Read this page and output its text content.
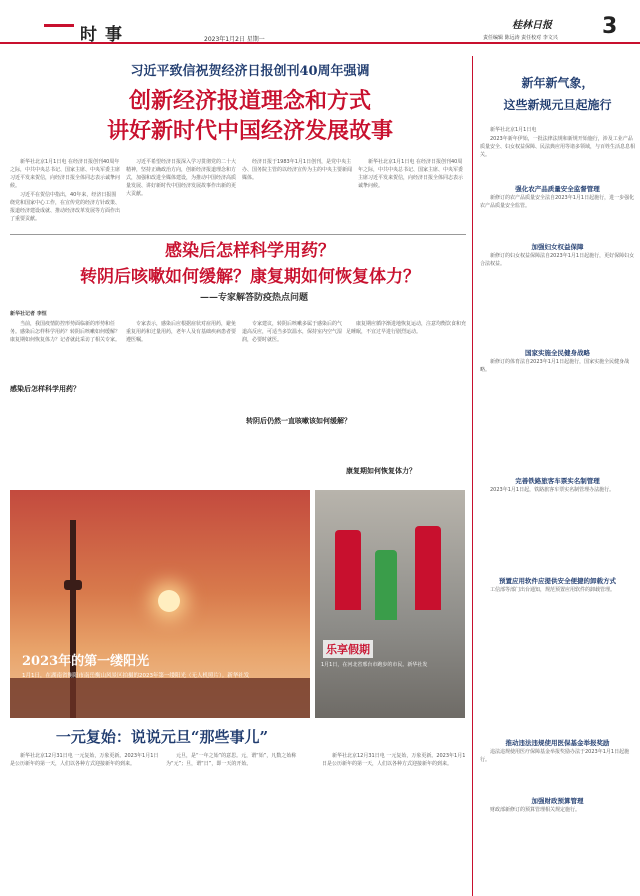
时事	2023年1月2日 星期一
桂林日报 3
责任编辑 陈远涛 责任校对 李文兴
习近平致信祝贺经济日报创刊40周年强调
创新经济报道理念和方式
讲好新时代中国经济发展故事
新华社北京1月1日电 在经济日报创刊40周年之际，中共中央总书记、国家主席、中央军委主席习近平发来贺信，向经济日报全体同志表示诚挚问候。
习近平在贺信中指出，40年来，经济日报围绕党和国家中心工作，在宣传党的经济方针政策、报道经济建设成就、推动经济改革发展等方面作出了重要贡献。
习近平希望经济日报深入学习贯彻党的二十大精神，坚持正确政治方向，创新经济报道理念和方式，加强和改进全媒体建设，为推动中国经济高质量发展、讲好新时代中国经济发展故事作出新的更大贡献。
经济日报于1983年1月1日创刊，是党中央主办、国务院主管的以经济宣传为主的中央主要新闻媒体。
新华社北京1月1日电 在经济日报创刊40周年之际，中共中央总书记、国家主席、中央军委主席习近平发来贺信，向经济日报全体同志表示诚挚问候。
感染后怎样科学用药？
转阴后咳嗽如何缓解？康复期如何恢复体力？
——专家解答防疫热点问题
新华社记者 李恒
感染后怎样科学用药？
转阴后仍然一直咳嗽该如何缓解？
康复期如何恢复体力？
当前，我国疫情防控形势面临新的形势和任务。感染后怎样科学用药？转阴后咳嗽如何缓解？康复期如何恢复体力？记者就此采访了相关专家。
专家表示，感染后应根据症状对症用药，避免重复用药和过量用药，老年人及有基础疾病患者要遵医嘱。
专家建议，转阴后咳嗽多属于感染后的气道高反应，可适当多饮温水，保持室内空气湿润，必要时就医。
康复期应循序渐进地恢复运动，注意均衡饮食和充足睡眠，不宜过早进行剧烈运动。
2023年的第一缕阳光
1月1日，在湖南省衡阳市南岳衡山风景区拍摄的2023年第一缕阳光（无人机照片）。新华社发
乐享假期
1月1日，在河北省邢台市跑步的市民。新华社发
一元复始：说说元旦“那些事儿”
新华社北京12月31日电 一元复始，万象更新。2023年1月1日是公历新年的第一天，人们以各种方式迎接新年的到来。
元旦，是“一年之始”的意思。元，谓“始”，凡数之始称为“元”；旦，谓“日”，即一天的开始。
新华社北京12月31日电 一元复始，万象更新。2023年1月1日是公历新年的第一天，人们以各种方式迎接新年的到来。
新年新气象，
这些新规元旦起施行
新华社北京1月1日电
2023年新年伊始，一批法律法规和新规开始施行，涉及工业产品质量安全、妇女权益保障、民法典应用等诸多领域，与百姓生活息息相关。
强化农产品质量安全监督管理
新修订的农产品质量安全法自2023年1月1日起施行，进一步强化农产品质量安全监管。
加强妇女权益保障
新修订的妇女权益保障法自2023年1月1日起施行，更好保障妇女合法权益。
国家实施全民健身战略
新修订的体育法自2023年1月1日起施行，国家实施全民健身战略。
完善铁路旅客车票实名制管理
2023年1月1日起，铁路旅客车票实名制管理办法施行。
预置应用软件应提供安全便捷的卸载方式
工信部等部门出台通知，规范预置应用软件的卸载管理。
推动违法违规使用医保基金举报奖励
违法违规使用医疗保障基金举报奖励办法于2023年1月1日起施行。
加强财政预算管理
财政部新修订的预算管理相关规定施行。
